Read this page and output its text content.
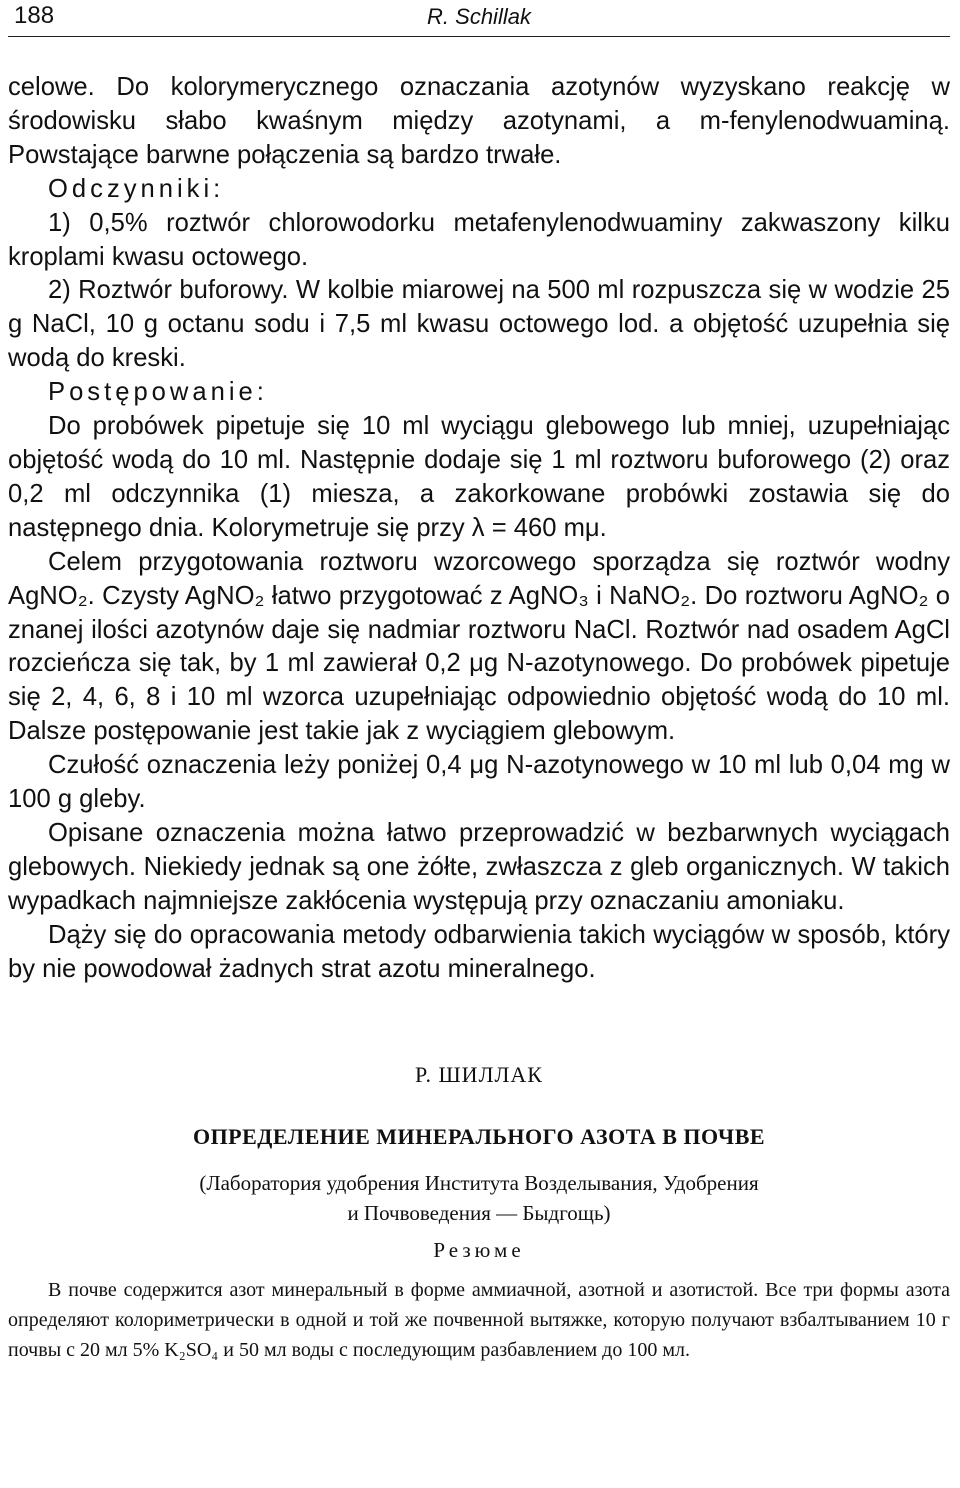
188	R. Schillak

celowe. Do kolorymerycznego oznaczania azotynów wyzyskano reakcję w środowisku słabo kwaśnym między azotynami, a m-fenylenodwuaminą. Powstające barwne połączenia są bardzo trwałe.

Odczynniki:

1) 0,5% roztwór chlorowodorku metafenylenodwuaminy zakwaszony kilku kroplami kwasu octowego.

2) Roztwór buforowy. W kolbie miarowej na 500 ml rozpuszcza się w wodzie 25 g NaCl, 10 g octanu sodu i 7,5 ml kwasu octowego lod. a objętość uzupełnia się wodą do kreski.

Postępowanie:

Do probówek pipetuje się 10 ml wyciągu glebowego lub mniej, uzupełniając objętość wodą do 10 ml. Następnie dodaje się 1 ml roztworu buforowego (2) oraz 0,2 ml odczynnika (1) miesza, a zakorkowane probówki zostawia się do następnego dnia. Kolorymetruje się przy λ = 460 mμ.

Celem przygotowania roztworu wzorcowego sporządza się roztwór wodny AgNO₂. Czysty AgNO₂ łatwo przygotować z AgNO₃ i NaNO₂. Do roztworu AgNO₂ o znanej ilości azotynów daje się nadmiar roztworu NaCl. Roztwór nad osadem AgCl rozcieńcza się tak, by 1 ml zawierał 0,2 μg N-azotynowego. Do probówek pipetuje się 2, 4, 6, 8 i 10 ml wzorca uzupełniając odpowiednio objętość wodą do 10 ml. Dalsze postępowanie jest takie jak z wyciągiem glebowym.

Czułość oznaczenia leży poniżej 0,4 μg N-azotynowego w 10 ml lub 0,04 mg w 100 g gleby.

Opisane oznaczenia można łatwo przeprowadzić w bezbarwnych wyciągach glebowych. Niekiedy jednak są one żółte, zwłaszcza z gleb organicznych. W takich wypadkach najmniejsze zakłócenia występują przy oznaczaniu amoniaku.

Dąży się do opracowania metody odbarwienia takich wyciągów w sposób, który by nie powodował żadnych strat azotu mineralnego.

Р. ШИЛЛАК
ОПРЕДЕЛЕНИЕ МИНЕРАЛЬНОГО АЗОТА В ПОЧВЕ
(Лаборатория удобрения Института Возделывания, Удобрения
и Почвоведения — Быдгощь)
Резюме

В почве содержится азот минеральный в форме аммиачной, азотной и азотистой. Все три формы азота определяют колориметрически в одной и той же почвенной вытяжке, которую получают взбалтыванием 10 г почвы с 20 мл 5% K₂SO₄ и 50 мл воды с последующим разбавлением до 100 мл.
